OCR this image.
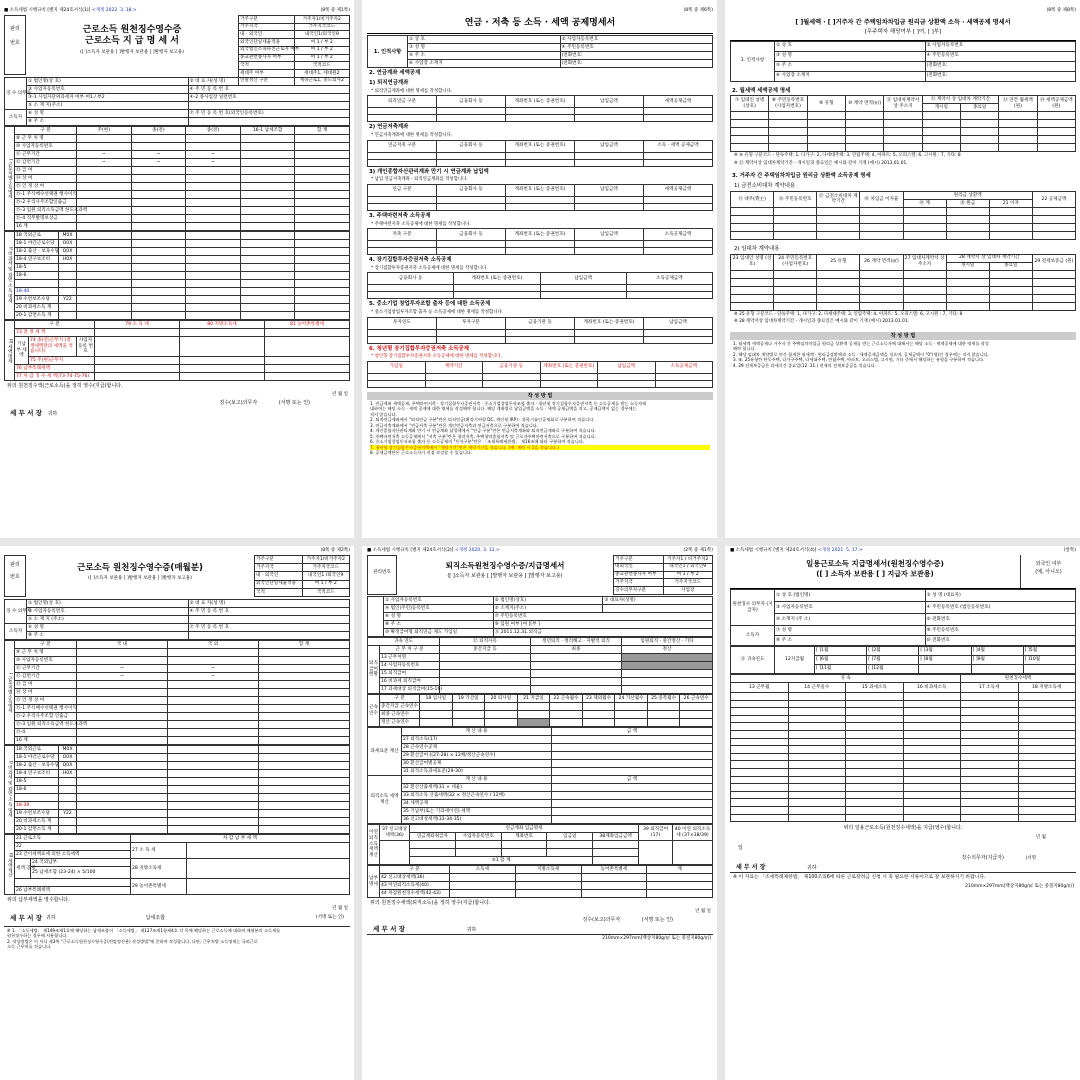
■ 소득세법 시행규칙 [별지 제24호서식(1)] <개정 2022. 3. 18.>	(8쪽 중 제1쪽)
관리
번호
근로소득 원천징수영수증
근로소득 지 급 명 세 서
([ ]소득자 보관용 [ ]발행자 보관용 [ ]발행자 보고용)
거주구분	거주자1/비거주자2
거주지국	거주지국코드
내 · 외국인	내국인1/외국인9
외국인단일세율적용	여 1 / 부 2
외국법인소속파견근로자 여부	여 1 / 부 2
종교관련종사자 여부	여 1 / 부 2
국적	국적코드
세대주 여부	세대주1, 세대원2
연말정산 구분	계속근로1, 중도퇴사2
징 수 의무자	① 법인명(상 호)	② 대 표 자(성 명)
	③ 사업자등록번호	④ 주 민 등 록 번 호
	③-1 사업자단위과세자 여부 여1 / 부2	④-2 종사업장 일련번호
	⑤ 소 재 지(주소)	
소득자	⑥ 성 명	⑦ 주 민 등 록 번 호(외국인등록번호)
	⑧ 주 소	
I 근무처별소득명세	구 분	주(현)	종(전)	종(전)	16-1 납세조합	합 계
	⑨ 근 무 처 명					
	⑩ 사업자등록번호					
	⑪ 근무기간	~	~	~		
	⑫ 감면기간	~	~	~		
	⑬ 급 여					
	⑭ 상 여					
	⑮ 인 정 상 여					
	⑮-1 주식매수선택권 행사이익					
	⑮-2 우리사주조합인출금					
	⑮-3 임원 퇴직소득금액 한도초과액					
	⑮-4 직무발명보상금					
	16 계					
II 비과세 및 감면 소득 명세	18 국외근로	M0X					
	18-1 야간근로수당	O0X					
	18-2 출산 · 보육수당	Q0X					
	18-4 연구보조비	H0X					
	18-5						
	18-6						

	18-40						
	19 수련보조수당	Y22					
	20 비과세소득 계						
	20-1 감면소득 계						
III 세액명세	구 분			79 소 득 세	80 지방소득세	81 농어촌특별세
	73 결 정 세 액					
	기납부 세 액	74 종(전)근무지 (결정세액란의 세액을 적습니다)	사업자 등록 번호			
		75 주(현)근무지				
	76 납부특례세액					
	77 차 감 징 수 세 액(73-74-75-76)					
위의 원천징수액(근로소득)을 정히 영수(지급)합니다.
년 월 일
징수(보고)의무자	(서명 또는 인)
세 무 서 장 귀하
(8쪽 중 제6쪽)
연금 · 저축 등 소득 · 세액 공제명세서
1. 인적사항	① 상 호	② 사업자등록번호
	③ 성 명	④ 주민등록번호
	⑤ 주 소	(전화번호:
	⑥ 사업장 소재지	(전화번호:
2. 연금계좌 세액공제
1) 퇴직연금계좌
* 퇴직연금계좌에 대한 명세를 작성합니다.
퇴직연금 구분	금융회사 등	계좌번호 (또는 증권번호)	납입금액	세액공제금액

2) 연금저축계좌
* 연금저축계좌에 대한 명세를 작성합니다.
연금저축 구분	금융회사 등	계좌번호 (또는 증권번호)	납입금액	소득 · 세액 공제금액

3) 개인종합자산관리계좌 만기 시 연금계좌 납입액
* 납입 연금저축계좌 · 퇴직연금계좌를 작성합니다.
연금 구분	금융회사 등	계좌번호 (또는 증권번호)	납입금액	세액공제금액

3. 주택마련저축 소득공제
* 주택마련저축 소득공제에 대한 명세를 작성합니다.
저축 구분	금융회사 등	계좌번호 (또는 증권번호)	납입금액	소득공제금액

4. 장기집합투자증권저축 소득공제
* 장기집합투자증권저축 소득공제에 대한 명세를 작성합니다.
금융회사 등	계좌번호 (또는 증권번호)	납입금액	소득공제금액

5. 중소기업 창업투자조합 출자 등에 대한 소득공제
* 중소기업창업투자조합 출자 등 소득공제에 대한 명세를 작성합니다.
투자연도	투자구분	금융기관 등	계좌번호 (또는 증권번호)	납입금액

6. 청년형 장기집합투자증권저축 소득공제
* 청년형 장기집합투자증권저축 소득공제에 대한 명세를 작성합니다.
가입일	계약기간	금융기관 등	계좌번호 (또는 증권번호)	납입금액	소득공제금액

작 성 방 법
1. 연금계좌 세액공제, 주택마련저축 · 장기집합투자증권저축 · 중소기업창업투자조합 출자 · 청년형 장기집합투자증권저축 등 소득공제를 받는 소득자에
대하여는 해당 소득 · 세액 공제에 대한 명세를 작성해야 합니다. 해당 계좌별로 납입금액을 소득 · 세액 공제금액을 적고, 공제금액이 없는 경우에는
적지 않습니다.
2. 퇴직연금계좌에서 "퇴직연금 구분"란은 퇴직연금(확정기여형 DC, 개인형 IRP) · 과학기술인공제회로 구분하여 적습니다.
3. 연금저축계좌에서 "연금저축 구분"란은 개인연금저축과 연금저축으로 구분하여 적습니다.
4. 개인종합자산관리계좌 만기 시 연금계좌 납입액에서 "연금 구분"란은 연금저축계좌와 퇴직연금계좌로 구분하여 적습니다.
5. 주택마련저축 소득공제에서 "저축 구분"란은 청약저축, 주택청약종합저축 및 근로자주택마련저축으로 구분하여 적습니다.
6. 중소기업창업투자조합 출자 등 소득공제의 "투자구분"란은 「조세특례제한법」 제16조에 따라 구분하여 적습니다.
7. 청년형 장기집합투자증권저축에서 "계약기간"란은 계약기간을 적습니다. (예: 계약 시 1을 적습니다.)
8. 공제금액란은 근로소득자가 직접 작성할 수 있습니다.
(8쪽 중 제8쪽)
[ ]월세액 · [ ]거주자 간 주택임차차입금 원리금 상환액 소득 · 세액공제 명세서
[무주택자 해당여부 [ ]여, [ ]부]
1. 인적사항	① 상 호	② 사업자등록번호
	③ 성 명	④ 주민등록번호
	⑤ 주 소	(전화번호:
	⑥ 사업장 소재지	(전화번호:
2. 월세액 세액공제 명세
⑦ 임대인 성명 (상호)	⑧ 주민등록번호 (사업자번호)	⑨ 유형	⑩ 계약 면적(㎡)	⑪ 임대차계약서 상 주소지	⑫ 계약서 상 임대차 계약기간		⑬ 연간 월세액(원)	⑭ 세액공제금액(원)
					개시일	종료일		

※ ⑨ 유형 구분코드 - 단독주택: 1, 다가구: 2, 다세대주택: 3, 연립주택: 4, 아파트: 5, 오피스텔: 6, 고시원 : 7, 기타: 8
※ ⑫ 계약서상 임대차계약기간 - 개시일과 종료일은 예시와 같이 기재 (예시) 2013.01.01.
3. 거주자 간 주택임차차입금 원리금 상환액 소득공제 명세
1) 금전소비대차 계약내용
⑮ 대주(貸主)	⑯ 주민등록번호	⑰ 금전소비대차 계약기간	⑱ 차입금 이자율	원리금 상환액			22 공제금액
				⑲ 계	⑳ 원금	21 이자	

2) 임대차 계약내용
23 임대인 성명 (상호)	24 주민등록번호 (사업자번호)	25 유형	26 계약 면적(㎡)	27 임대차계약서 상 주소지	28 계약서 상 임대차 계약기간		29 전세보증금 (원)
					개시일	종료일	

※ 25 유형 구분코드 - 단독주택: 1, 다가구: 2, 다세대주택: 3, 연립주택: 4, 아파트: 5, 오피스텔: 6, 고시원 : 7, 기타: 8
※ 28 계약서상 임대차계약기간 - 개시일과 종료일은 예시와 같이 기재 (예시) 2013.01.01.
작 성 방 법
1. 월세액 세액공제나 거주자 간 주택임차차입금 원리금 상환액 공제를 받는 근로소득자에 대해서는 해당 소득 · 세액공제에 대한 명세를 작성
해야 합니다.
2. 해당 임대차 계약별로 연간 합계한 월세액 · 원리금상환액과 소득 · 세액공제금액을 적으며, 공제금액이 "0"(영)인 경우에는 적지 않습니다.
3. ⑨, 25유형란 단독주택, 다가구주택, 다세대주택, 연립주택, 아파트, 오피스텔, 고시원, 기타 중에서 해당하는 유형을 구분하여 적습니다.
4. 29 전세보증금은 과세기간 종료일(12. 31.) 현재의 전세보증금을 적습니다.
(8쪽 중 제2쪽)
관리
번호
근로소득 원천징수영수증(매월분)
([ ]소득자 보관용 [ ]발행자 보관용 [ ]발행자 보고용)
거주구분	거주자1/비거주자2
거주지국	거주지국코드
내 · 외국인	내국인1 /외국인9
외국인단일세율적용	여 1 / 부 2
국적	국적코드
징 수 의무자	① 법인명(상 호)	② 대 표 자(성 명)
	③ 사업자등록번호	④ 주 민 등 록 번 호
	⑤ 소 재 지 (주소)	
소득자	⑥ 성 명	⑦ 주 민 등 록 번 호
	⑧ 주 소	
I 근무처별소득명세	구 분	국 내	국 외	합 계
	⑨ 근 무 처 명			
	⑩ 사업자등록번호			
	⑪ 근무기간	~	~	
	⑫ 감면기간	~	~	
	⑬ 급 여			
	⑭ 상 여			
	⑮ 인 정 상 여			
	⑮-1 주식매수선택권 행사이익			
	⑮-2 우리사주조합 인출금			
	⑮-3 임원 퇴직소득금액 한도초과액			
	⑮-4			
	16 계			
II 비과세 및 감면 소득 명세	18 국외근로	M0X			
	18-1 야간근로수당	O0X			
	18-2 출산 · 보육수당	Q0X			
	18-4 연구보조비	H0X			
	18-5				
	18-6				

	18-39				
	19 수련보조수당	Y22			
	20 비과세소득 계				
	20-1 감면소득 계				
III 세액계산	21 근로소득		차 감 납 부 세 액	
	22		27 소 득 세	
	23 간이세액표에 의한 소득세액			
	세액 공제	24 국외납부	28 지방소득세	
		25 납세조합 (23-24) × 5/100		
			29 농어촌특별세	
	26 납부특례세액			
위의 납부세액을 영수합니다.
년 월 일
세 무 서 장 귀하	납세조합	(서명 또는 인)
※ 1. 「소득세법」 제149조제1호에 해당하는 납세조합이 「소득세법」 제127조제1항제4호 각 목에 해당하는 근로소득에 대하여 매월분의 소득세를
원천징수하는 경우에 사용합니다.
2. 작성방법은 이 서식 제3쪽 "근로소득원천징수영수증(연말정산용) 작성방법"에 준하여 작성합니다. 다만, 근무처별 소득명세는 국외근로
소득 근무처를 적습니다.
■ 소득세법 시행규칙 [별지 제24호서식(2)] <개정 2020. 3. 13.>	(2쪽 중 제1쪽)
관리번호
퇴직소득원천징수영수증/지급명세서
([ ]소득자 보관용 [ ]발행자 보관용 [ ]발행자 보고용)
거주구분	거주자1 / 비거주자2
내외국인	내국인1 / 외국인9
종교관련종사자 여부	여 1 / 부 2
거주지국	거주지국코드
징수의무자구분	사업장
	① 사업자등록번호	② 법인명(상호)	③ 대표자(성명)
	④ 법인(주민)등록번호	⑤ 소재지(주소)	
	⑥ 성 명	⑦ 주민등록번호	
	⑧ 주 소	⑨ 임원 여부 [여 ][부 ]	
	⑩ 확정급여형 퇴직연금 제도 가입일	⑪ 2011.12.31.퇴직금	
귀속 연도		⑫ 퇴직사유	정년퇴직 · 정리해고 · 자발적 퇴직	임원퇴직 · 중간정산 · 기타
퇴직 급여 현황	근 무 처 구 분	중간지급 등	최종	정산
	13 근무처명			
	14 사업자등록번호			
	15 퇴직급여			
	16 비과세 퇴직급여			
	17 과세대상 퇴직급여(15-16)			
근속 연수	구 분	18 입사일	19 기산일	20 퇴사일	21 지급일	22 근속월수	23 제외월수	24 가산월수	25 중복월수	26 근속연수
	중간지급 근속연수									
	최종 근속연수									
	정산 근속연수									
과세표준 계산	계 산 내 용	금 액
	27 퇴직소득(17)	
	28 근속연수공제	
	29 환산급여 [(27-28) × 12배/정산근속연수]	
	30 환산급여별공제	
	31 퇴직소득과세표준(29-30)	
퇴직소득 세액계산	계 산 내 용	금 액
	32 환산산출세액(31 × 세율)	
	33 퇴직소득 산출세액(32 × 정산근속연수 / 12배)	
	34 세액공제	
	35 기납부(또는 기과세이연) 세액	
	36 신고대상세액(33-34-35)	
이연 퇴직 소득 세액 계산	37 신고대상세액(36)	연금계좌 입금명세					39 퇴직급여 (17)	40 이연 퇴직소득세 (37×38/39)
		연금계좌취급자	사업자등록번호	계좌번호	입금일	38계좌입금금액		

		⑤1 합 계						
납부 명세	구 분	소득세	지방소득세	농어촌특별세	계
	42 신고대상세액(36)				
	43 이연퇴직소득세(40)				
	44 차감원천징수세액(42-43)				
위의 원천징수세액(퇴직소득)을 정히 영수(지급)합니다.
년 월 일
징수(보고)의무자	(서명 또는 인)
세 무 서 장	귀하
210mm×297mm[백상지80g/㎡ 또는 중질지80g/㎡]
■ 소득세법 시행규칙 [별지 제24호서식(4)] <개정 2021. 5. 17.>	(앞쪽)
일용근로소득 지급명세서(원천징수영수증)
([ ] 소득자 보관용 [ ] 지급자 보관용)
외국인 여부
(예, 아니오)
원천징수 의무자 (지급자)	① 상 호 (법인명)	② 성 명 (대표자)
	③ 사업자등록번호	④ 주민등록번호 (법인등록번호)
	⑤ 소재지 (주 소)	⑥ 전화번호
소득자	⑦ 성 명	⑧ 주민등록번호
	⑨ 주 소	⑩ 전화번호
⑪ 귀속연도	12지급월	[ ]1월	[ ]2월	[ ]3월	[ ]4월	[ ]5월
		[ ]6월	[ ]7월	[ ]8월	[ ]9월	[ ]10월
		[ ]11월	[ ]12월			
귀 속				원천징수세액	
13 근무월	14 근무일수	15 과세소득	16 비과세소득	17 소득세	18 지방소득세

위의 일용근로소득(원천징수세액)을 지급(영수)합니다.
년 월
일
징수의무자(지급자)	(서명
세 무 서 장	귀하
※ 이 자료는 「조세특례제한법」 제100조의6에 따른 근로장려금 신청 시 꼭 필요한 서류이므로 잘 보관하시기 바랍니다.
210mm×297mm[백상지80g/㎡ 또는 중질지80g/㎡]
